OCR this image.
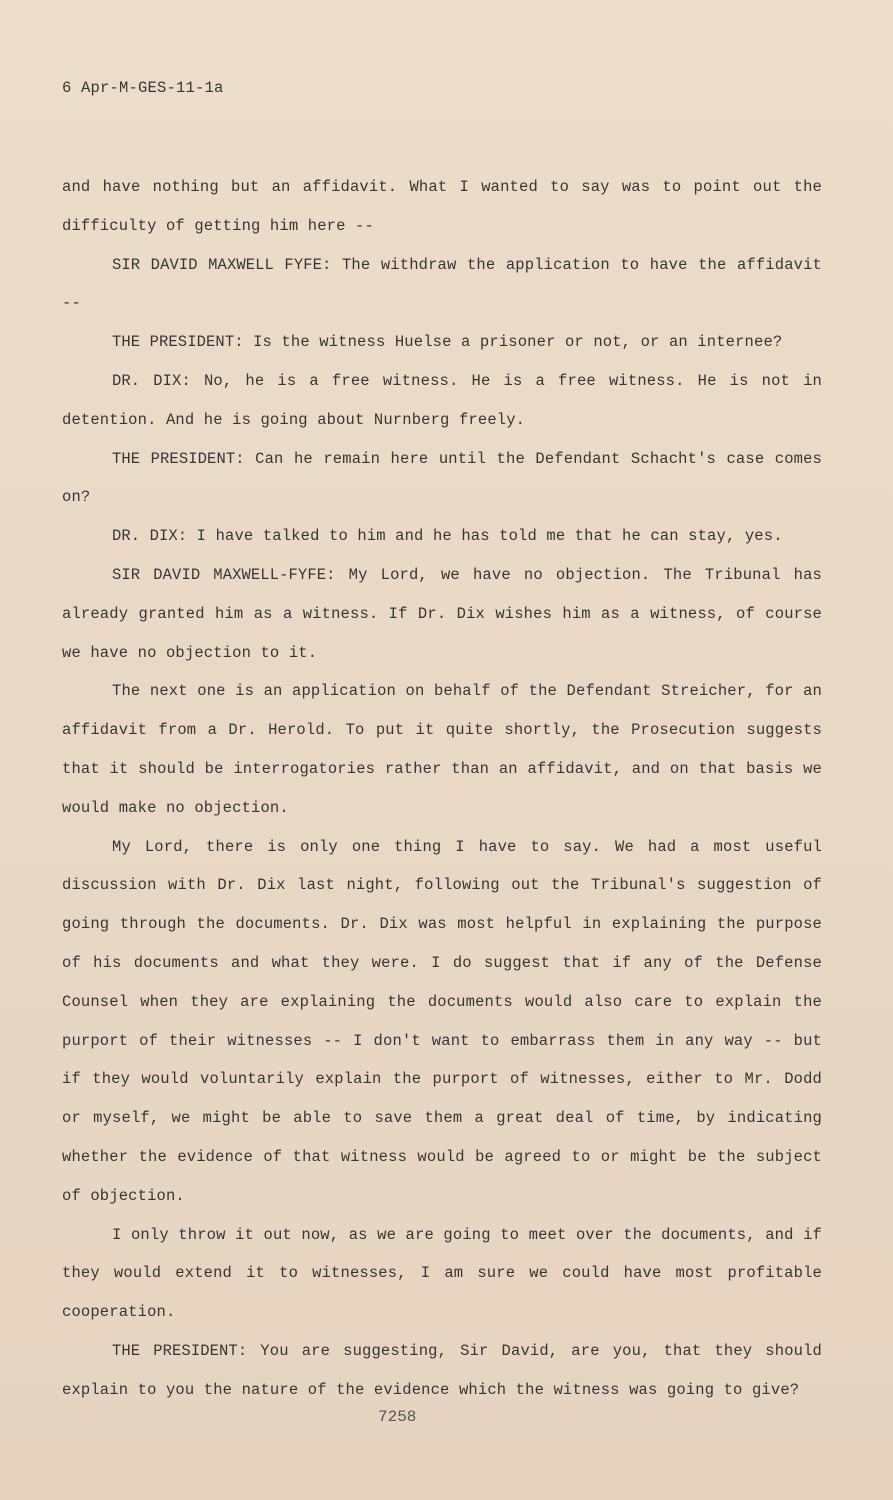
6 Apr-M-GES-11-1a

and have nothing but an affidavit. What I wanted to say was to point out the difficulty of getting him here --

SIR DAVID MAXWELL FYFE: The withdraw the application to have the affidavit --

THE PRESIDENT: Is the witness Huelse a prisoner or not, or an internee?

DR. DIX: No, he is a free witness. He is a free witness. He is not in detention. And he is going about Nurnberg freely.

THE PRESIDENT: Can he remain here until the Defendant Schacht's case comes on?

DR. DIX: I have talked to him and he has told me that he can stay, yes.

SIR DAVID MAXWELL-FYFE: My Lord, we have no objection. The Tribunal has already granted him as a witness. If Dr. Dix wishes him as a witness, of course we have no objection to it.

The next one is an application on behalf of the Defendant Streicher, for an affidavit from a Dr. Herold. To put it quite shortly, the Prosecution suggests that it should be interrogatories rather than an affidavit, and on that basis we would make no objection.

My Lord, there is only one thing I have to say. We had a most useful discussion with Dr. Dix last night, following out the Tribunal's suggestion of going through the documents. Dr. Dix was most helpful in explaining the purpose of his documents and what they were. I do suggest that if any of the Defense Counsel when they are explaining the documents would also care to explain the purport of their witnesses -- I don't want to embarrass them in any way -- but if they would voluntarily explain the purport of witnesses, either to Mr. Dodd or myself, we might be able to save them a great deal of time, by indicating whether the evidence of that witness would be agreed to or might be the subject of objection.

I only throw it out now, as we are going to meet over the documents, and if they would extend it to witnesses, I am sure we could have most profitable cooperation.

THE PRESIDENT: You are suggesting, Sir David, are you, that they should explain to you the nature of the evidence which the witness was going to give?

7258
